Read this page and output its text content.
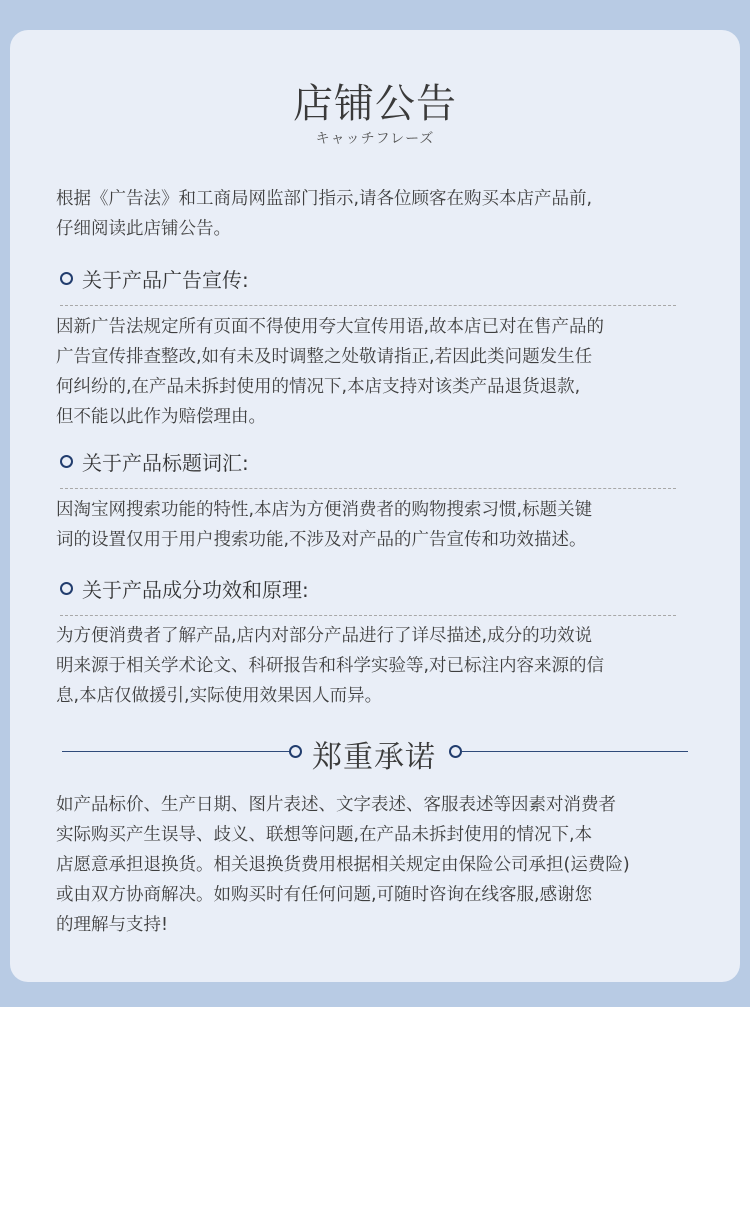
店铺公告
キャッチフレーズ

根据《广告法》和工商局网监部门指示,请各位顾客在购买本店产品前,
仔细阅读此店铺公告。

关于产品广告宣传:

因新广告法规定所有页面不得使用夸大宣传用语,故本店已对在售产品的
广告宣传排查整改,如有未及时调整之处敬请指正,若因此类问题发生任
何纠纷的,在产品未拆封使用的情况下,本店支持对该类产品退货退款,
但不能以此作为赔偿理由。

关于产品标题词汇:

因淘宝网搜索功能的特性,本店为方便消费者的购物搜索习惯,标题关键
词的设置仅用于用户搜索功能,不涉及对产品的广告宣传和功效描述。

关于产品成分功效和原理:

为方便消费者了解产品,店内对部分产品进行了详尽描述,成分的功效说
明来源于相关学术论文、科研报告和科学实验等,对已标注内容来源的信
息,本店仅做援引,实际使用效果因人而异。

郑重承诺

如产品标价、生产日期、图片表述、文字表述、客服表述等因素对消费者
实际购买产生误导、歧义、联想等问题,在产品未拆封使用的情况下,本
店愿意承担退换货。相关退换货费用根据相关规定由保险公司承担(运费险)
或由双方协商解决。如购买时有任何问题,可随时咨询在线客服,感谢您
的理解与支持!
